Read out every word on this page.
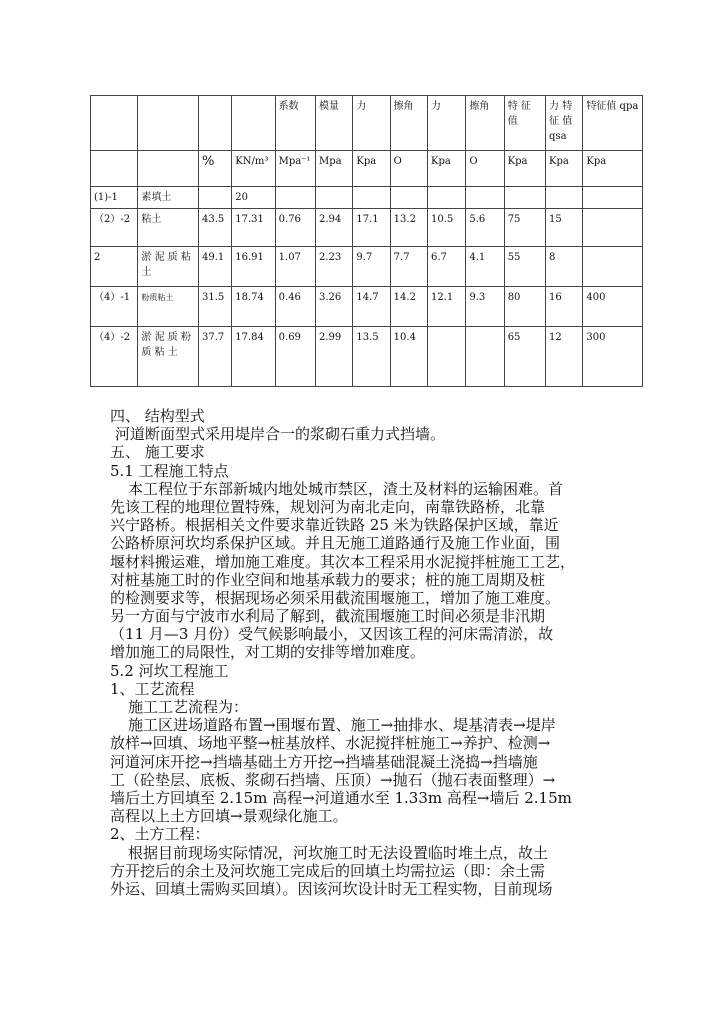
				系数	模量	力	擦角	力	擦角	特 征 值	力 特 征 值 qsa	特征值 qpa
		%	KN/m³	Mpa⁻¹	Mpa	Kpa	O	Kpa	O	Kpa	Kpa	Kpa
(1)-1	素填土		20									
（2）-2	粘土	43.5	17.31	0.76	2.94	17.1	13.2	10.5	5.6	75	15	
2	淤 泥 质 粘土	49.1	16.91	1.07	2.23	9.7	7.7	6.7	4.1	55	8	
（4）-1	粉质粘土	31.5	18.74	0.46	3.26	14.7	14.2	12.1	9.3	80	16	400
（4）-2	淤 泥 质 粉 质 粘 土	37.7	17.84	0.69	2.99	13.5	10.4			65	12	300
四、 结构型式
河道断面型式采用堤岸合一的浆砌石重力式挡墙。
五、 施工要求
5.1 工程施工特点
本工程位于东部新城内地处城市禁区，渣土及材料的运输困难。首
先该工程的地理位置特殊，规划河为南北走向，南靠铁路桥，北靠
兴宁路桥。根据相关文件要求靠近铁路 25 米为铁路保护区域，靠近
公路桥原河坎均系保护区域。并且无施工道路通行及施工作业面，围
堰材料搬运难，增加施工难度。其次本工程采用水泥搅拌桩施工工艺，
对桩基施工时的作业空间和地基承载力的要求；桩的施工周期及桩
的检测要求等，根据现场必须采用截流围堰施工，增加了施工难度。
另一方面与宁波市水利局了解到，截流围堰施工时间必须是非汛期
（11 月—3 月份）受气候影响最小，又因该工程的河床需清淤，故
增加施工的局限性，对工期的安排等增加难度。
5.2 河坎工程施工
1、工艺流程
施工工艺流程为：
施工区进场道路布置→围堰布置、施工→抽排水、堤基清表→堤岸
放样→回填、场地平整→桩基放样、水泥搅拌桩施工→养护、检测→
河道河床开挖→挡墙基础土方开挖→挡墙基础混凝土浇捣→挡墙施
工（砼垫层、底板、浆砌石挡墙、压顶）→抛石（抛石表面整理）→
墙后土方回填至 2.15m 高程→河道通水至 1.33m 高程→墙后 2.15m
高程以上土方回填→景观绿化施工。
2、土方工程：
根据目前现场实际情况，河坎施工时无法设置临时堆土点，故土
方开挖后的余土及河坎施工完成后的回填土均需拉运（即：余土需
外运、回填土需购买回填）。因该河坎设计时无工程实物，目前现场
